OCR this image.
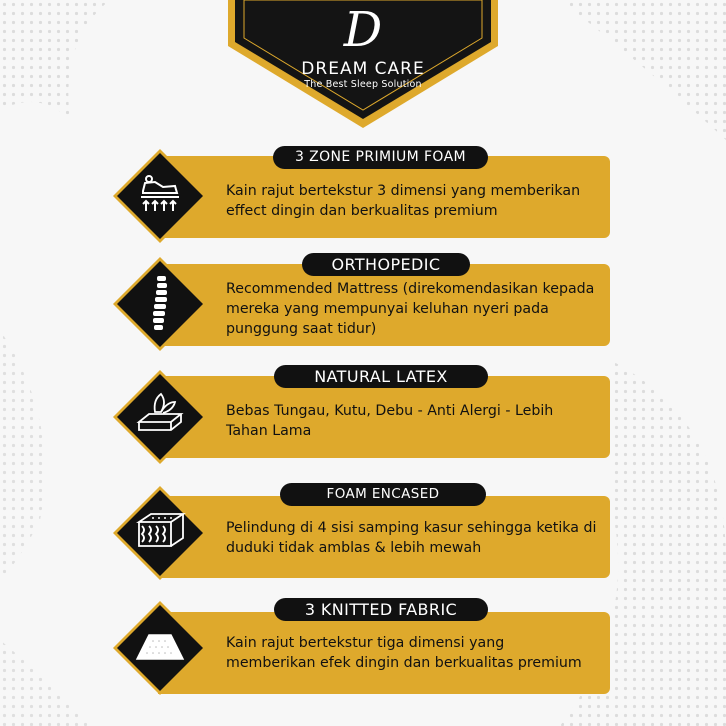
D
DREAM CARE
The Best Sleep Solution
3 ZONE PRIMIUM FOAM
Kain rajut bertekstur 3 dimensi yang memberikan effect dingin dan berkualitas premium
ORTHOPEDIC
Recommended Mattress (direkomendasikan kepada mereka yang mempunyai keluhan nyeri pada punggung saat tidur)
NATURAL LATEX
Bebas Tungau, Kutu, Debu - Anti Alergi - Lebih Tahan Lama
FOAM ENCASED
Pelindung di 4 sisi samping kasur sehingga ketika di duduki tidak amblas & lebih mewah
3 KNITTED FABRIC
Kain rajut bertekstur tiga dimensi yang memberikan efek dingin dan berkualitas premium
